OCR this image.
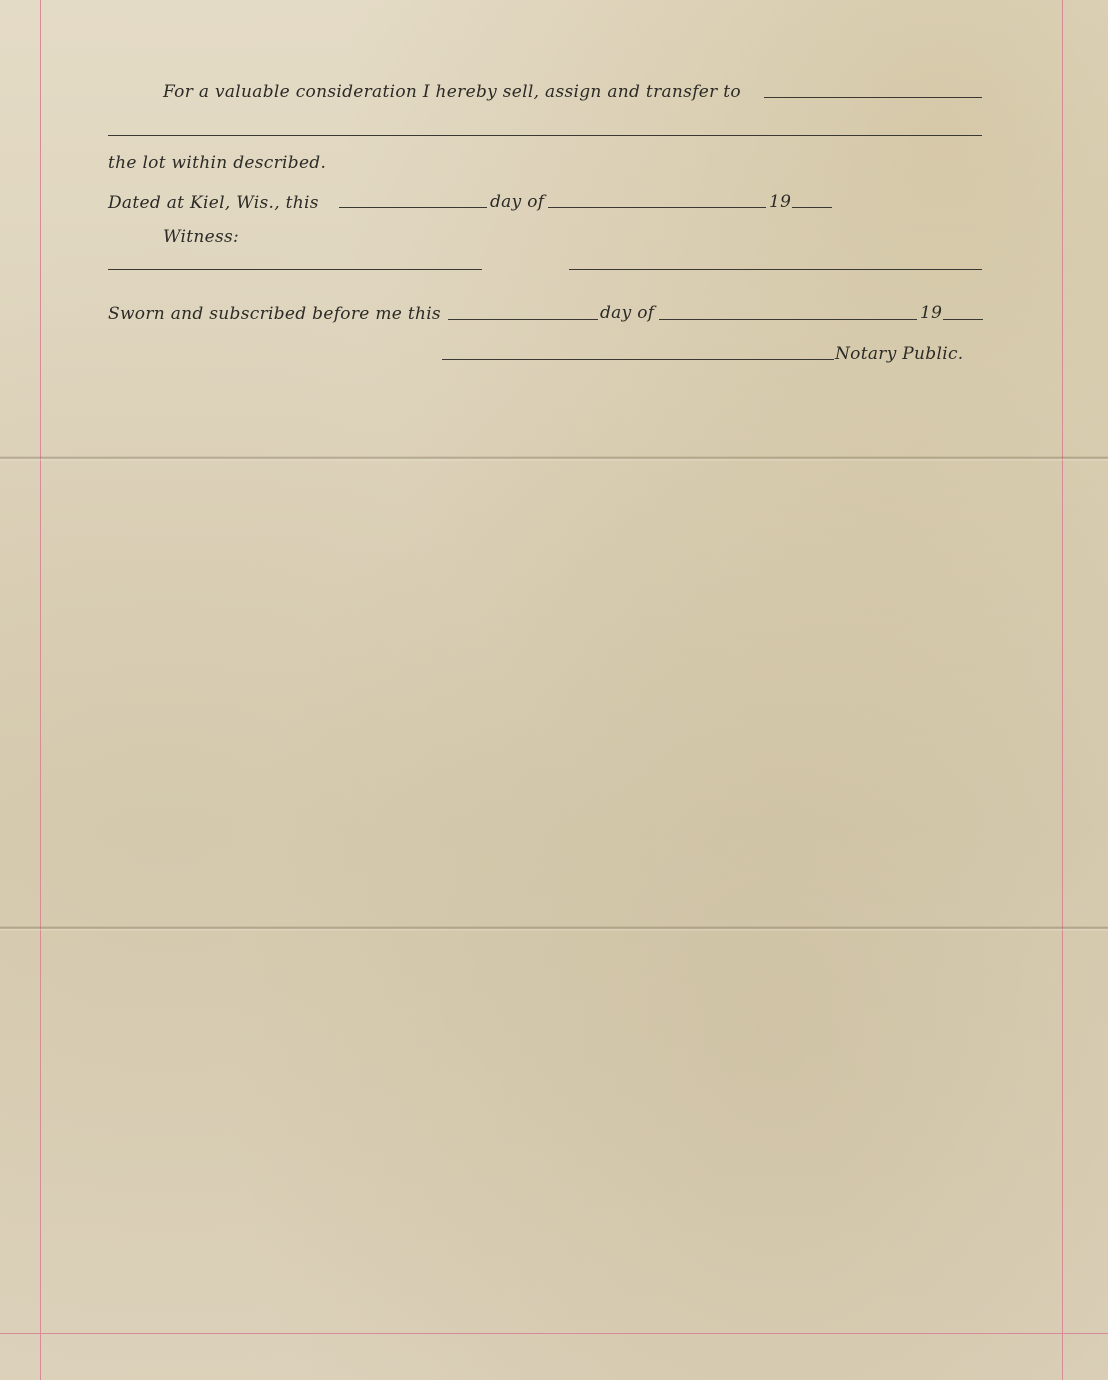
For a valuable consideration I hereby sell, assign and transfer to
the lot within described.
Dated at Kiel, Wis., this	day of	19
Witness:
Sworn and subscribed before me this	day of	19
Notary Public.
